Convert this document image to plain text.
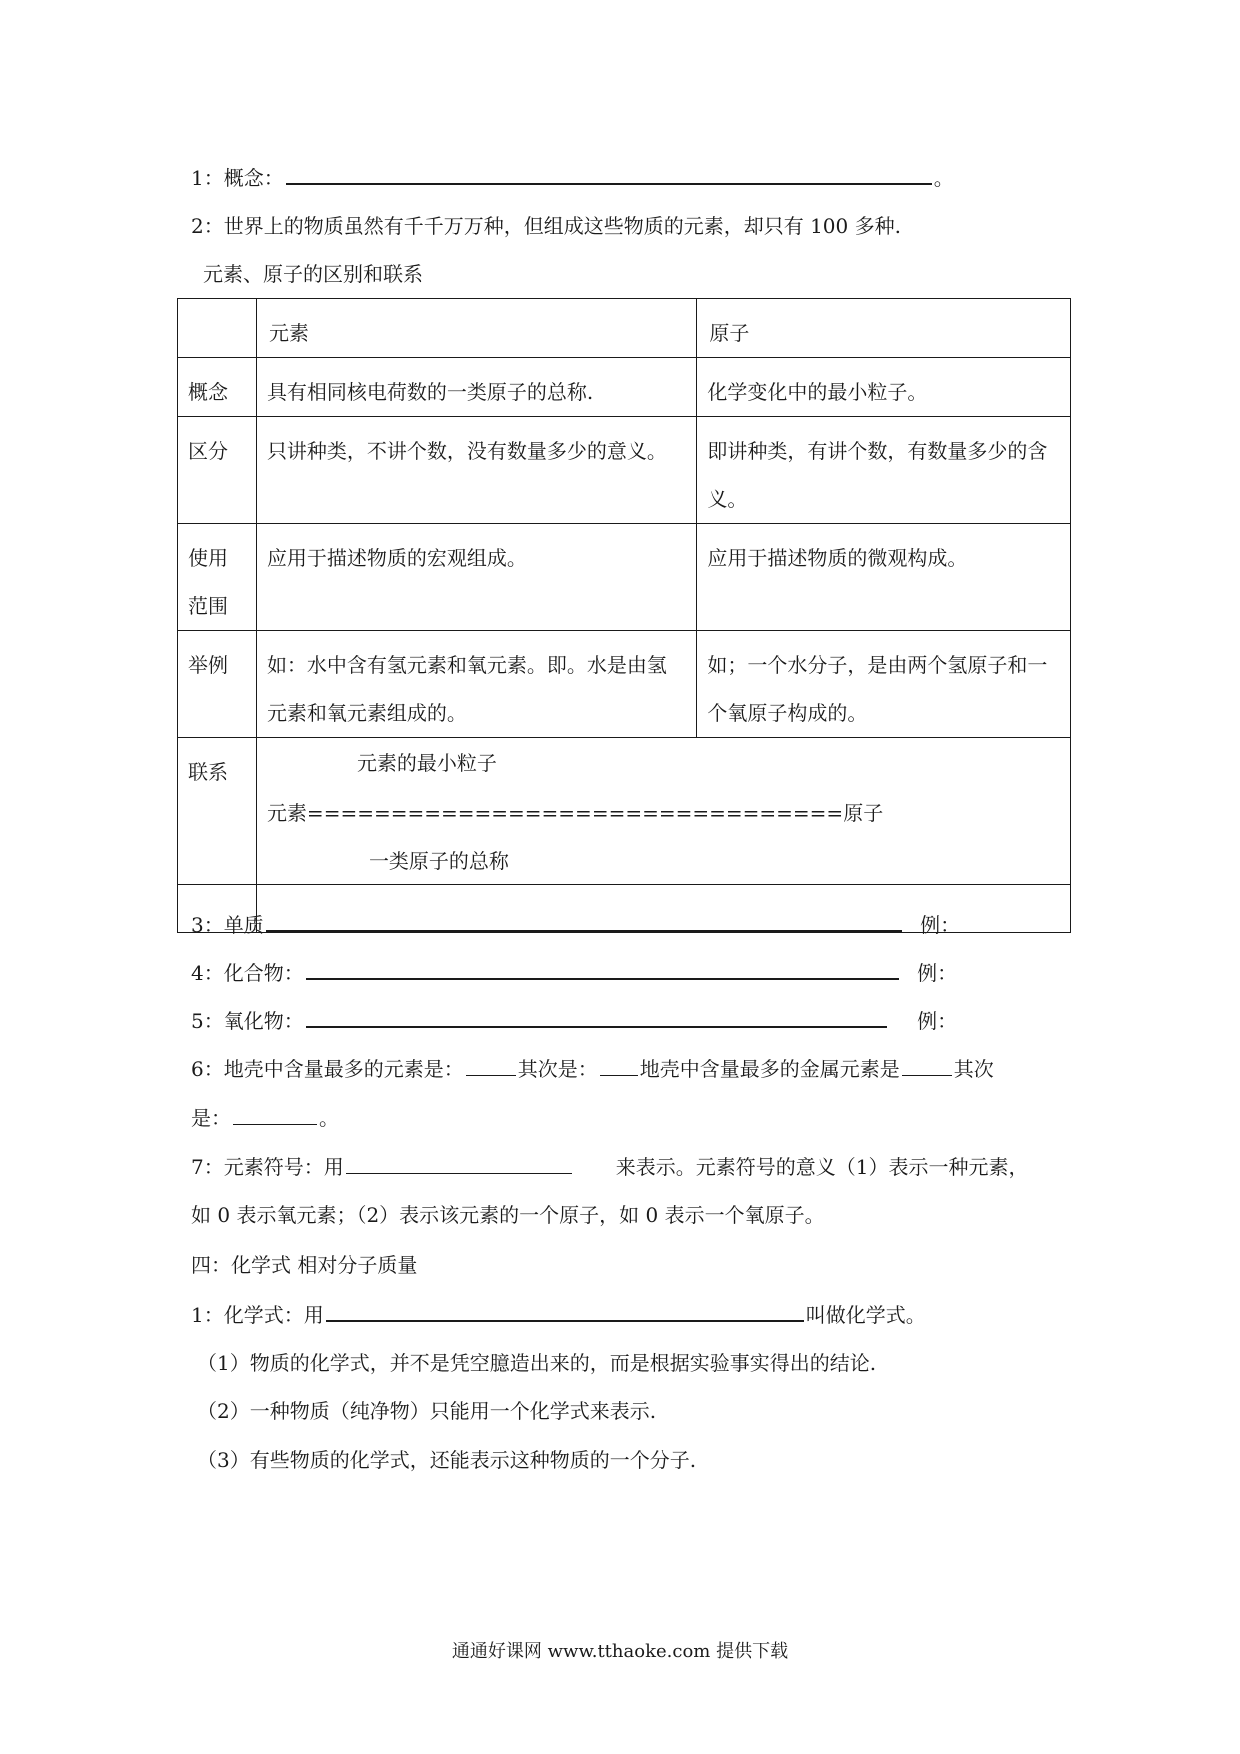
1：概念：	。
2：世界上的物质虽然有千千万万种，但组成这些物质的元素，却只有 100 多种.
元素、原子的区别和联系
	元素	原子
概念	具有相同核电荷数的一类原子的总称.	化学变化中的最小粒子。
区分	只讲种类，不讲个数，没有数量多少的意义。	即讲种类，有讲个数，有数量多少的含义。
使用范围	应用于描述物质的宏观组成。	应用于描述物质的微观构成。
举例	如：水中含有氢元素和氧元素。即。水是由氢元素和氧元素组成的。	如；一个水分子，是由两个氢原子和一个氧原子构成的。
联系	元素的最小粒子
元素================================原子
一类原子的总称	

3：单质	例：
4：化合物：	例：
5：氧化物：	例：
6：地壳中含量最多的元素是：	其次是： 地壳中含量最多的金属元素是	其次
是：	。
7：元素符号：用	来表示。元素符号的意义（1）表示一种元素，
如 0 表示氧元素；（2）表示该元素的一个原子，如 0 表示一个氧原子。
四：化学式 相对分子质量
1：化学式：用	叫做化学式。
（1）物质的化学式，并不是凭空臆造出来的，而是根据实验事实得出的结论.
（2）一种物质（纯净物）只能用一个化学式来表示.
（3）有些物质的化学式，还能表示这种物质的一个分子.
通通好课网 www.tthaoke.com 提供下载
